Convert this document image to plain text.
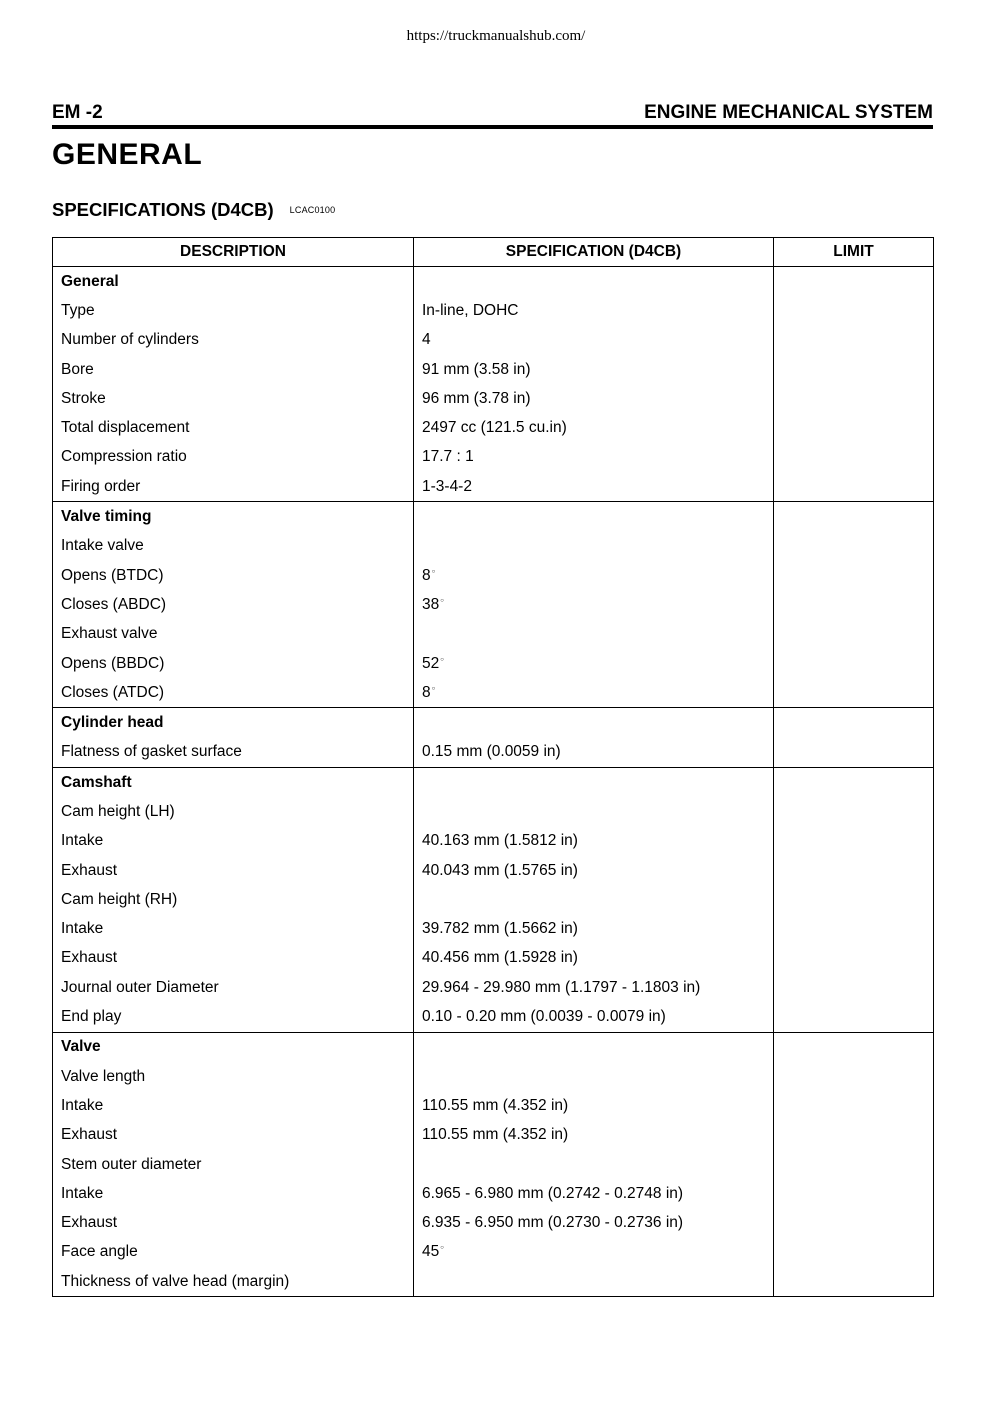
https://truckmanualshub.com/
EM -2	ENGINE MECHANICAL SYSTEM
GENERAL
SPECIFICATIONS (D4CB) LCAC0100
DESCRIPTION	SPECIFICATION (D4CB)	LIMIT
General		
Type	In-line, DOHC	
Number of cylinders	4	
Bore	91 mm (3.58 in)	
Stroke	96 mm (3.78 in)	
Total displacement	2497 cc (121.5 cu.in)	
Compression ratio	17.7 : 1	
Firing order	1-3-4-2	
Valve timing		
Intake valve		
Opens (BTDC)	8○	
Closes (ABDC)	38○	
Exhaust valve		
Opens (BBDC)	52○	
Closes (ATDC)	8○	
Cylinder head		
Flatness of gasket surface	0.15 mm (0.0059 in)	
Camshaft		
Cam height (LH)		
Intake	40.163 mm (1.5812 in)	
Exhaust	40.043 mm (1.5765 in)	
Cam height (RH)		
Intake	39.782 mm (1.5662 in)	
Exhaust	40.456 mm (1.5928 in)	
Journal outer Diameter	29.964 - 29.980 mm (1.1797 - 1.1803 in)	
End play	0.10 - 0.20 mm (0.0039 - 0.0079 in)	
Valve		
Valve length		
Intake	110.55 mm (4.352 in)	
Exhaust	110.55 mm (4.352 in)	
Stem outer diameter		
Intake	6.965 - 6.980 mm (0.2742 - 0.2748 in)	
Exhaust	6.935 - 6.950 mm (0.2730 - 0.2736 in)	
Face angle	45○	
Thickness of valve head (margin)		
